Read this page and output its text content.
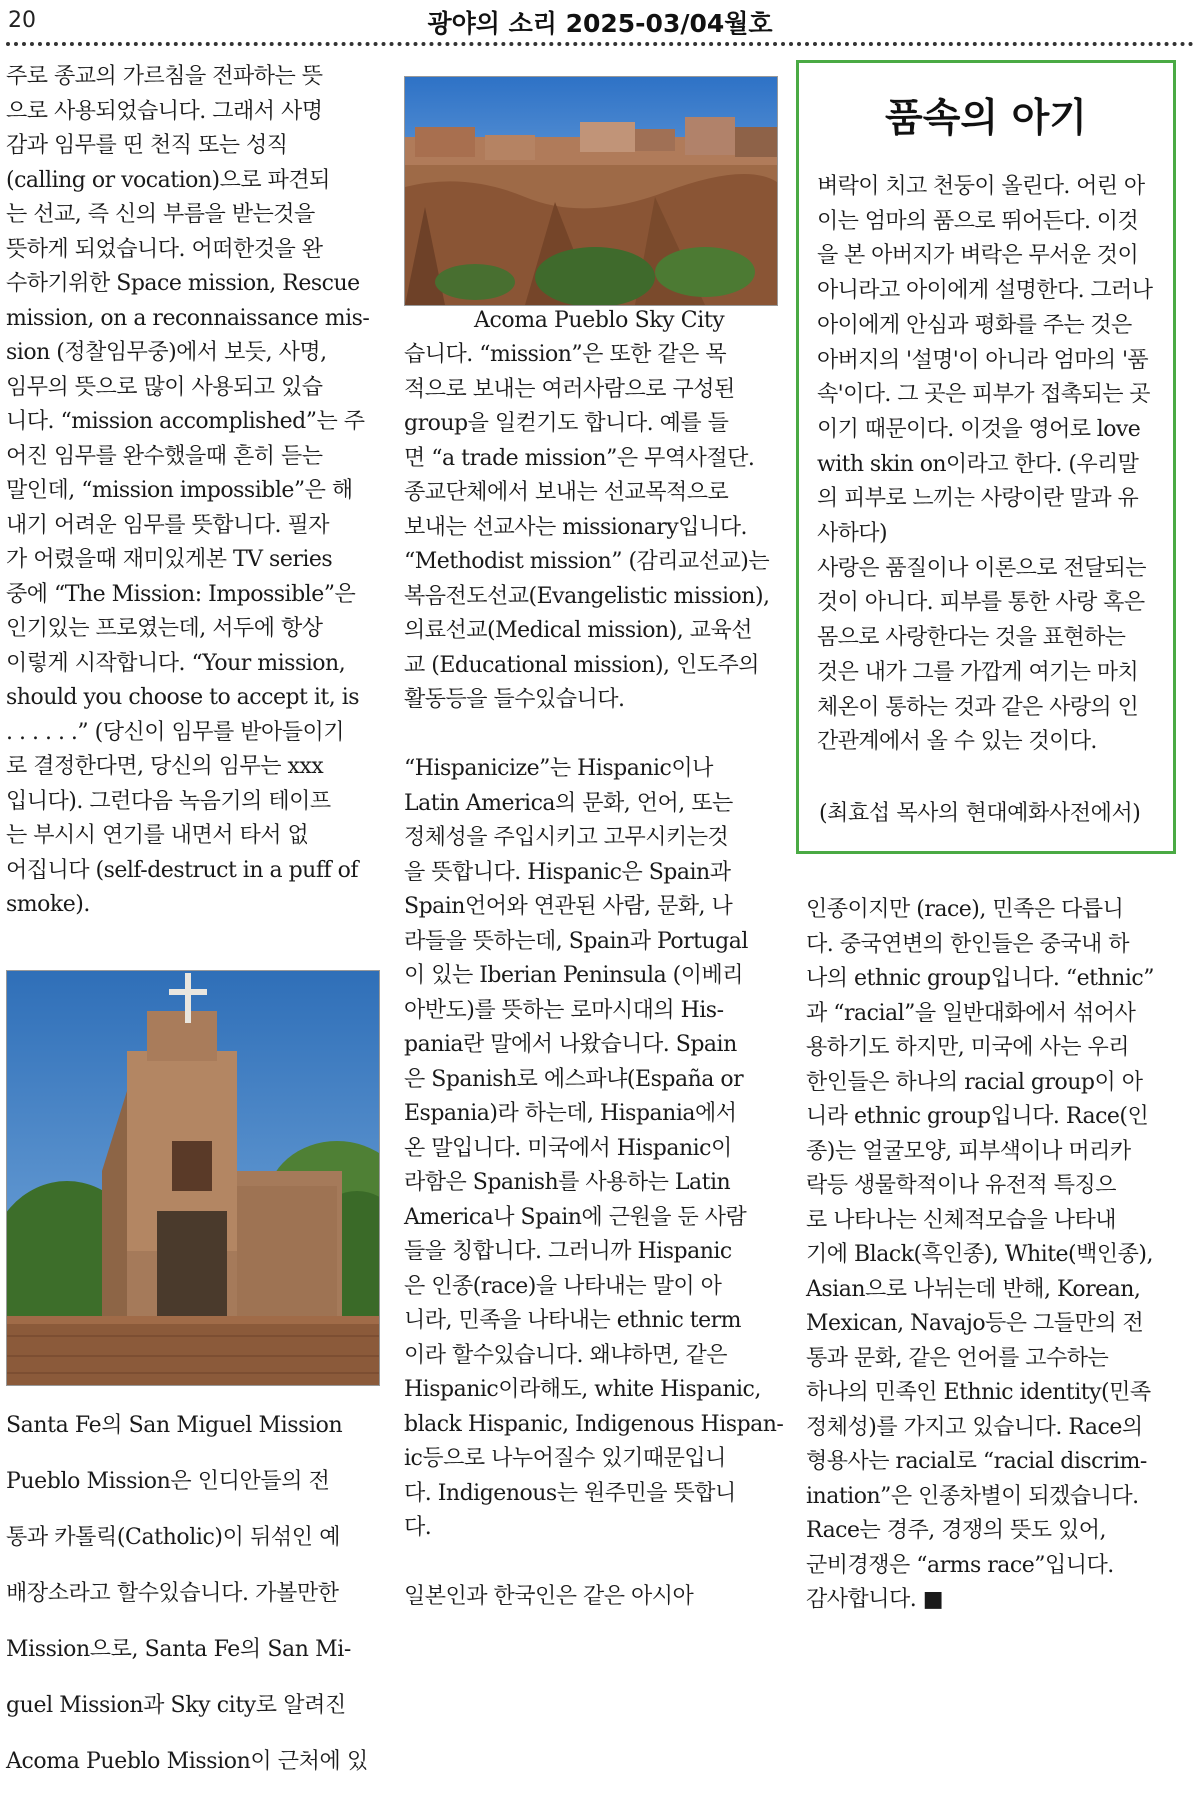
20	광야의 소리 2025-03/04월호

주로 종교의 가르침을 전파하는 뜻

으로 사용되었습니다. 그래서 사명

감과 임무를 띤 천직 또는 성직

(calling or vocation)으로 파견되

는 선교, 즉 신의 부름을 받는것을

뜻하게 되었습니다. 어떠한것을 완

수하기위한 Space mission, Rescue

mission, on a reconnaissance mis-

sion (정찰임무중)에서 보듯, 사명,

임무의 뜻으로 많이 사용되고 있습

니다. “mission accomplished”는 주

어진 임무를 완수했을때 흔히 듣는

말인데, “mission impossible”은 해

내기 어려운 임무를 뜻합니다. 필자

가 어렸을때 재미있게본 TV series

중에 “The Mission: Impossible”은

인기있는 프로였는데, 서두에 항상

이렇게 시작합니다. “Your mission,

should you choose to accept it, is

. . . . . .” (당신이 임무를 받아들이기

로 결정한다면, 당신의 임무는 xxx

입니다). 그런다음 녹음기의 테이프

는 부시시 연기를 내면서 타서 없

어집니다 (self-destruct in a puff of

smoke).

Santa Fe의 San Miguel Mission

Pueblo Mission은 인디안들의 전

통과 카톨릭(Catholic)이 뒤섞인 예

배장소라고 할수있습니다. 가볼만한

Mission으로, Santa Fe의 San Mi-

guel Mission과 Sky city로 알려진

Acoma Pueblo Mission이 근처에 있

Acoma Pueblo Sky City

습니다. “mission”은 또한 같은 목

적으로 보내는 여러사람으로 구성된

group을 일컫기도 합니다. 예를 들

면 “a trade mission”은 무역사절단.

종교단체에서 보내는 선교목적으로

보내는 선교사는 missionary입니다.

“Methodist mission” (감리교선교)는

복음전도선교(Evangelistic mission),

의료선교(Medical mission), 교육선

교 (Educational mission), 인도주의

활동등을 들수있습니다.

“Hispanicize”는 Hispanic이나

Latin America의 문화, 언어, 또는

정체성을 주입시키고 고무시키는것

을 뜻합니다. Hispanic은 Spain과

Spain언어와 연관된 사람, 문화, 나

라들을 뜻하는데, Spain과 Portugal

이 있는 Iberian Peninsula (이베리

아반도)를 뜻하는 로마시대의 His-

pania란 말에서 나왔습니다. Spain

은 Spanish로 에스파냐(España or

Espania)라 하는데, Hispania에서

온 말입니다. 미국에서 Hispanic이

라함은 Spanish를 사용하는 Latin

America나 Spain에 근원을 둔 사람

들을 칭합니다. 그러니까 Hispanic

은 인종(race)을 나타내는 말이 아

니라, 민족을 나타내는 ethnic term

이라 할수있습니다. 왜냐하면, 같은

Hispanic이라해도, white Hispanic,

black Hispanic, Indigenous Hispan-

ic등으로 나누어질수 있기때문입니

다. Indigenous는 원주민을 뜻합니

다.

일본인과 한국인은 같은 아시아

품속의 아기

벼락이 치고 천둥이 올린다. 어린 아

이는 엄마의 품으로 뛰어든다. 이것

을 본 아버지가 벼락은 무서운 것이

아니라고 아이에게 설명한다. 그러나

아이에게 안심과 평화를 주는 것은

아버지의 '설명'이 아니라 엄마의 '품

속'이다. 그 곳은 피부가 접촉되는 곳

이기 때문이다. 이것을 영어로 love

with skin on이라고 한다. (우리말

의 피부로 느끼는 사랑이란 말과 유

사하다)

사랑은 품질이나 이론으로 전달되는

것이 아니다. 피부를 통한 사랑 혹은

몸으로 사랑한다는 것을 표현하는

것은 내가 그를 가깝게 여기는 마치

체온이 통하는 것과 같은 사랑의 인

간관계에서 올 수 있는 것이다.

(최효섭 목사의 현대예화사전에서)

인종이지만 (race), 민족은 다릅니

다. 중국연변의 한인들은 중국내 하

나의 ethnic group입니다. “ethnic”

과 “racial”을 일반대화에서 섞어사

용하기도 하지만, 미국에 사는 우리

한인들은 하나의 racial group이 아

니라 ethnic group입니다. Race(인

종)는 얼굴모양, 피부색이나 머리카

락등 생물학적이나 유전적 특징으

로 나타나는 신체적모습을 나타내

기에 Black(흑인종), White(백인종),

Asian으로 나뉘는데 반해, Korean,

Mexican, Navajo등은 그들만의 전

통과 문화, 같은 언어를 고수하는

하나의 민족인 Ethnic identity(민족

정체성)를 가지고 있습니다. Race의

형용사는 racial로 “racial discrim-

ination”은 인종차별이 되겠습니다.

Race는 경주, 경쟁의 뜻도 있어,

군비경쟁은 “arms race”입니다.

감사합니다. ■
